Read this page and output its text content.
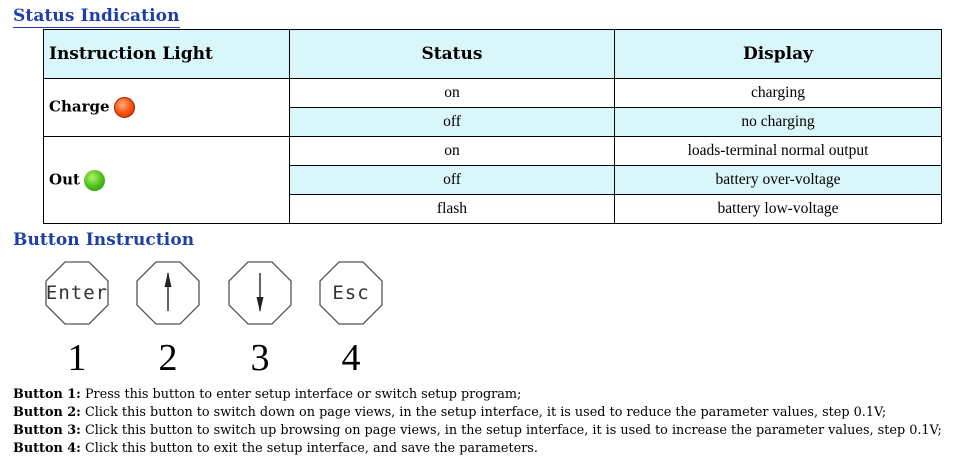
Status Indication
Instruction Light	Status	Display
Charge	on	charging
	off	no charging
Out	on	loads-terminal normal output
	off	battery over-voltage
	flash	battery low-voltage
Button Instruction
Enter
1	2	3
Esc
4

Button 1: Press this button to enter setup interface or switch setup program;

Button 2: Click this button to switch down on page views, in the setup interface, it is used to reduce the parameter values, step 0.1V;

Button 3: Click this button to switch up browsing on page views, in the setup interface, it is used to increase the parameter values, step 0.1V;

Button 4: Click this button to exit the setup interface, and save the parameters.
